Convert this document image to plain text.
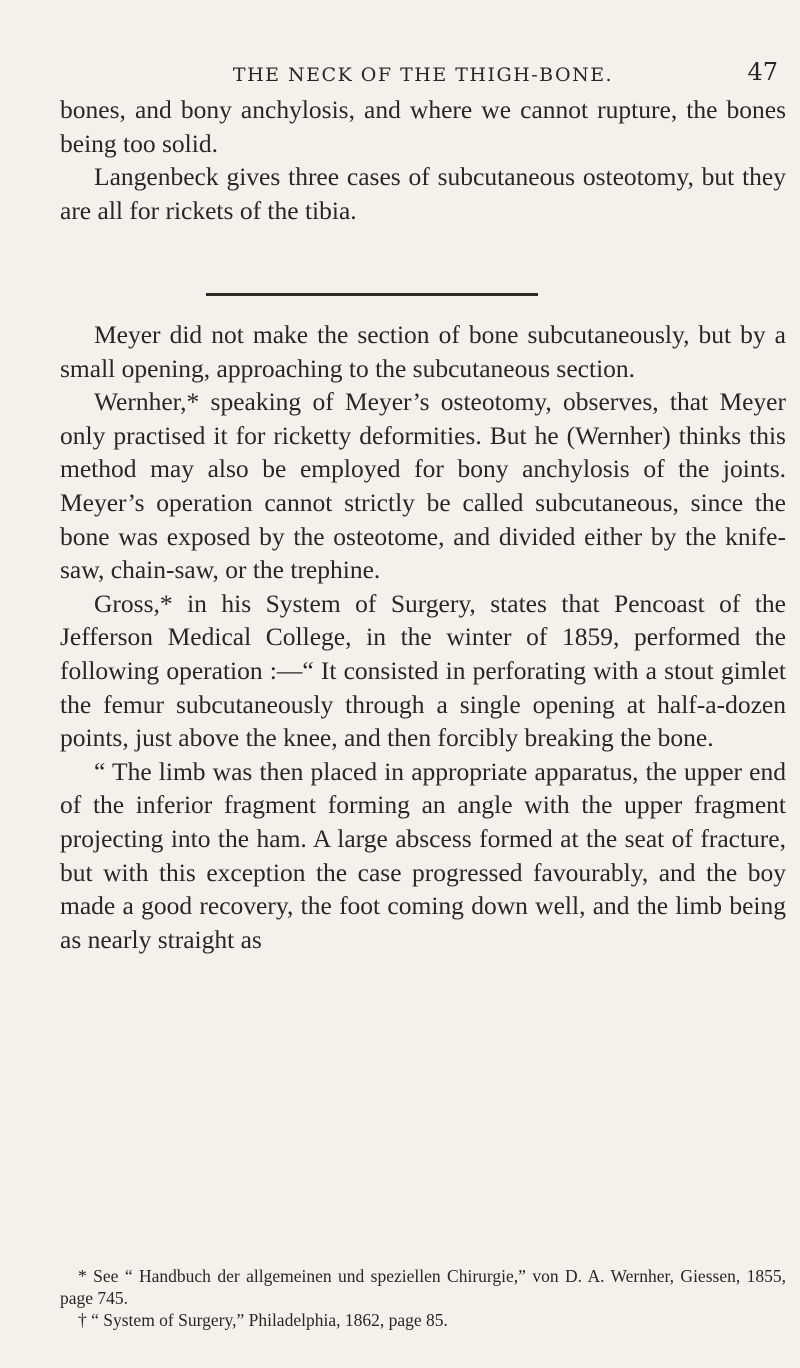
THE NECK OF THE THIGH-BONE.	47

bones, and bony anchylosis, and where we cannot rupture, the bones being too solid.

Langenbeck gives three cases of subcutaneous osteotomy, but they are all for rickets of the tibia.

Meyer did not make the section of bone subcutaneously, but by a small opening, approaching to the subcutaneous section.

Wernher,* speaking of Meyer’s osteotomy, observes, that Meyer only practised it for ricketty deformities. But he (Wernher) thinks this method may also be employed for bony anchylosis of the joints. Meyer’s operation cannot strictly be called subcutaneous, since the bone was exposed by the osteotome, and divided either by the knife-saw, chain-saw, or the trephine.

Gross,* in his System of Surgery, states that Pencoast of the Jefferson Medical College, in the winter of 1859, performed the following operation :—“ It consisted in perforating with a stout gimlet the femur subcutaneously through a single opening at half-a-dozen points, just above the knee, and then forcibly breaking the bone.

“ The limb was then placed in appropriate apparatus, the upper end of the inferior fragment forming an angle with the upper fragment projecting into the ham. A large abscess formed at the seat of fracture, but with this exception the case progressed favourably, and the boy made a good recovery, the foot coming down well, and the limb being as nearly straight as

* See “ Handbuch der allgemeinen und speziellen Chirurgie,” von D. A. Wernher, Giessen, 1855, page 745.

† “ System of Surgery,” Philadelphia, 1862, page 85.
